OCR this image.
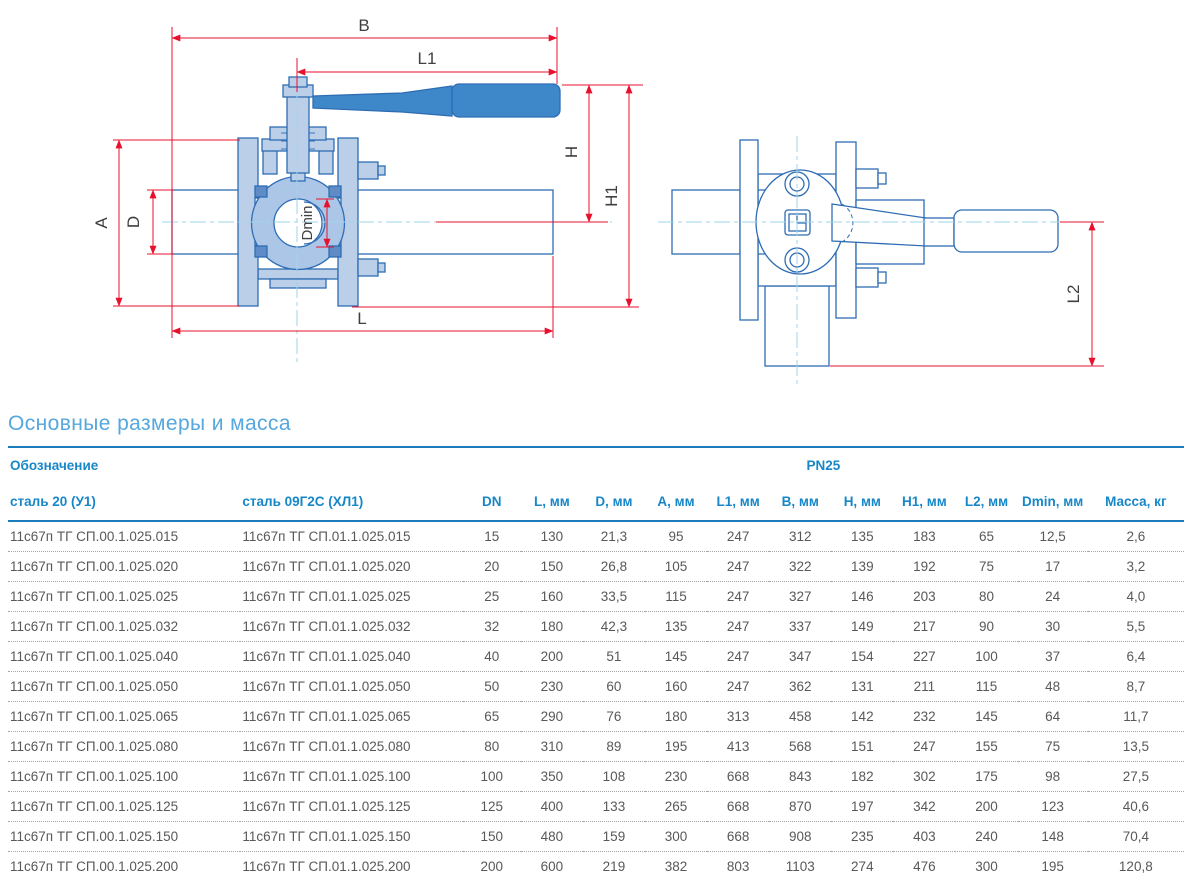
B
L1
L
H
H1
A D	Dmin
L2
Основные размеры и масса
Обозначение		PN25										
сталь 20 (У1)	сталь 09Г2С (ХЛ1)	DN	L, мм	D, мм	A, мм	L1, мм	B, мм	H, мм	H1, мм	L2, мм	Dmin, мм	Масса, кг
11с67п ТГ СП.00.1.025.015	11с67п ТГ СП.01.1.025.015	15	130	21,3	95	247	312	135	183	65	12,5	2,6
11с67п ТГ СП.00.1.025.020	11с67п ТГ СП.01.1.025.020	20	150	26,8	105	247	322	139	192	75	17	3,2
11с67п ТГ СП.00.1.025.025	11с67п ТГ СП.01.1.025.025	25	160	33,5	115	247	327	146	203	80	24	4,0
11с67п ТГ СП.00.1.025.032	11с67п ТГ СП.01.1.025.032	32	180	42,3	135	247	337	149	217	90	30	5,5
11с67п ТГ СП.00.1.025.040	11с67п ТГ СП.01.1.025.040	40	200	51	145	247	347	154	227	100	37	6,4
11с67п ТГ СП.00.1.025.050	11с67п ТГ СП.01.1.025.050	50	230	60	160	247	362	131	211	115	48	8,7
11с67п ТГ СП.00.1.025.065	11с67п ТГ СП.01.1.025.065	65	290	76	180	313	458	142	232	145	64	11,7
11с67п ТГ СП.00.1.025.080	11с67п ТГ СП.01.1.025.080	80	310	89	195	413	568	151	247	155	75	13,5
11с67п ТГ СП.00.1.025.100	11с67п ТГ СП.01.1.025.100	100	350	108	230	668	843	182	302	175	98	27,5
11с67п ТГ СП.00.1.025.125	11с67п ТГ СП.01.1.025.125	125	400	133	265	668	870	197	342	200	123	40,6
11с67п ТГ СП.00.1.025.150	11с67п ТГ СП.01.1.025.150	150	480	159	300	668	908	235	403	240	148	70,4
11с67п ТГ СП.00.1.025.200	11с67п ТГ СП.01.1.025.200	200	600	219	382	803	1103	274	476	300	195	120,8
